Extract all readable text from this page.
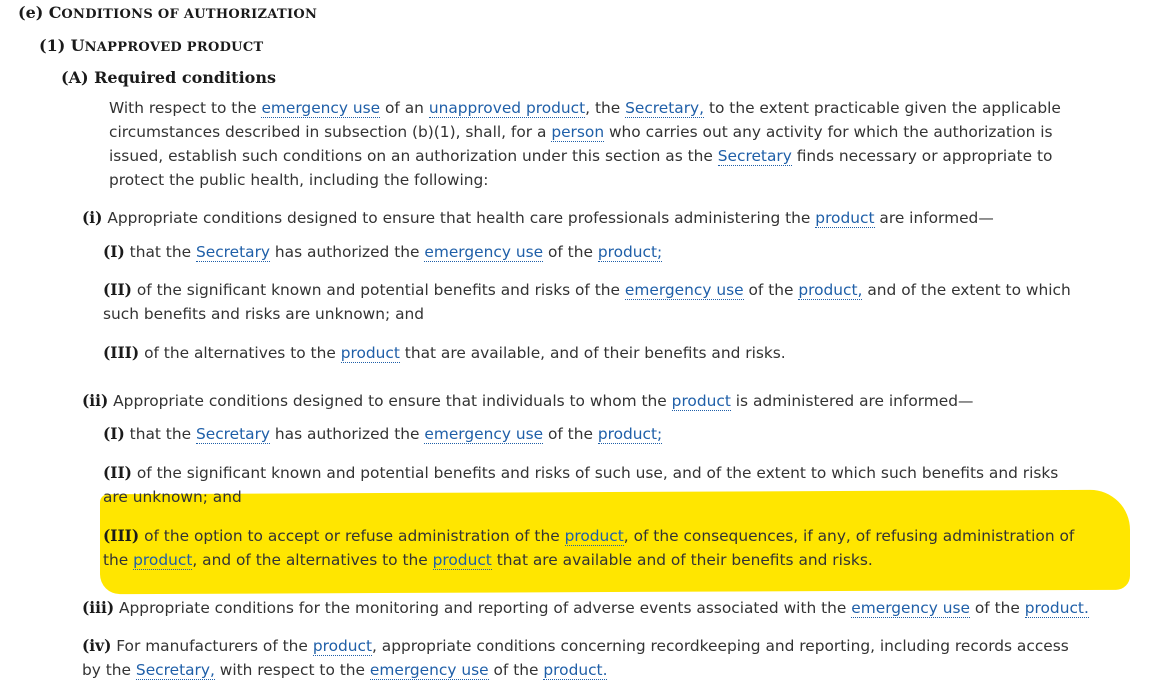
(e) CONDITIONS OF AUTHORIZATION
(1) UNAPPROVED PRODUCT
(A) Required conditions
With respect to the emergency use of an unapproved product, the Secretary, to the extent practicable given the applicable
circumstances described in subsection (b)(1), shall, for a person who carries out any activity for which the authorization is
issued, establish such conditions on an authorization under this section as the Secretary finds necessary or appropriate to
protect the public health, including the following:
(i) Appropriate conditions designed to ensure that health care professionals administering the product are informed—
(I) that the Secretary has authorized the emergency use of the product;
(II) of the significant known and potential benefits and risks of the emergency use of the product, and of the extent to which
such benefits and risks are unknown; and
(III) of the alternatives to the product that are available, and of their benefits and risks.
(ii) Appropriate conditions designed to ensure that individuals to whom the product is administered are informed—
(I) that the Secretary has authorized the emergency use of the product;
(II) of the significant known and potential benefits and risks of such use, and of the extent to which such benefits and risks
are unknown; and
(III) of the option to accept or refuse administration of the product, of the consequences, if any, of refusing administration of
the product, and of the alternatives to the product that are available and of their benefits and risks.
(iii) Appropriate conditions for the monitoring and reporting of adverse events associated with the emergency use of the product.
(iv) For manufacturers of the product, appropriate conditions concerning recordkeeping and reporting, including records access
by the Secretary, with respect to the emergency use of the product.
